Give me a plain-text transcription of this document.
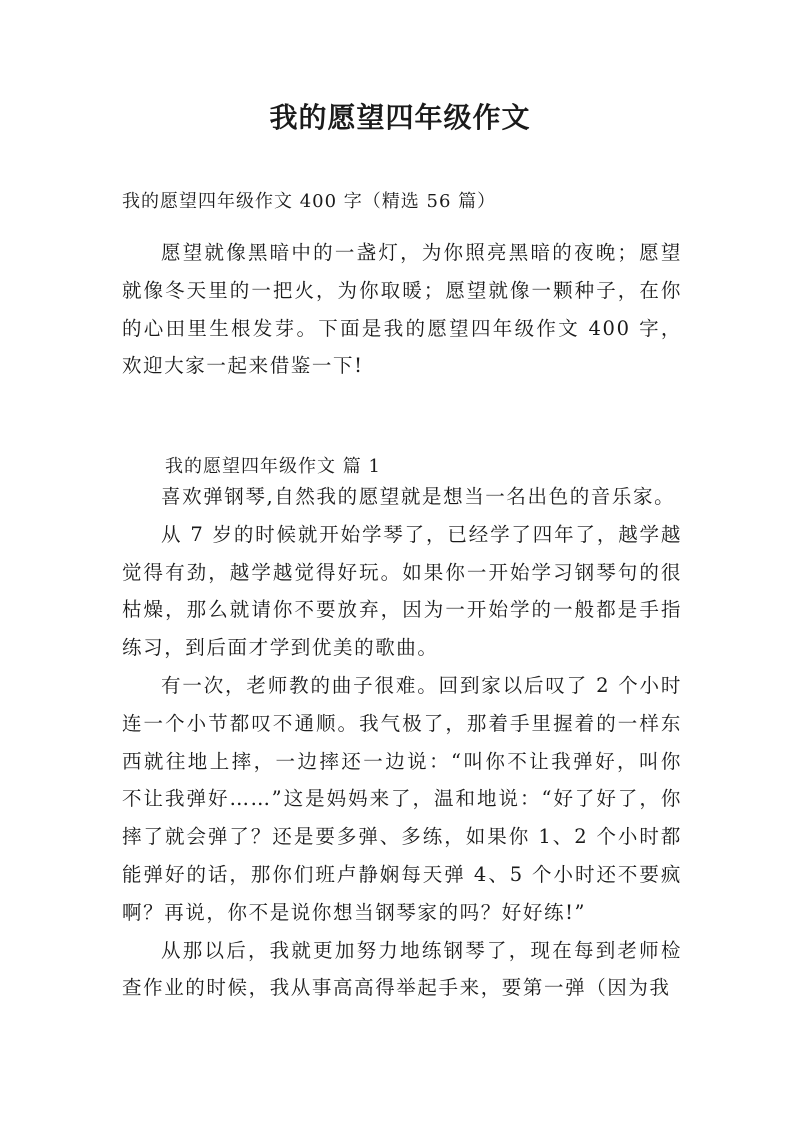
我的愿望四年级作文
我的愿望四年级作文 400 字（精选 56 篇）

愿望就像黑暗中的一盏灯，为你照亮黑暗的夜晚；愿望就像冬天里的一把火，为你取暖；愿望就像一颗种子，在你的心田里生根发芽。下面是我的愿望四年级作文 400 字，欢迎大家一起来借鉴一下!

我的愿望四年级作文 篇 1

喜欢弹钢琴,自然我的愿望就是想当一名出色的音乐家。

从 7 岁的时候就开始学琴了，已经学了四年了，越学越觉得有劲，越学越觉得好玩。如果你一开始学习钢琴句的很枯燥，那么就请你不要放弃，因为一开始学的一般都是手指练习，到后面才学到优美的歌曲。

有一次，老师教的曲子很难。回到家以后叹了 2 个小时连一个小节都叹不通顺。我气极了，那着手里握着的一样东西就往地上摔，一边摔还一边说：“叫你不让我弹好，叫你不让我弹好……”这是妈妈来了，温和地说：“好了好了，你摔了就会弹了？还是要多弹、多练，如果你 1、2 个小时都能弹好的话，那你们班卢静娴每天弹 4、5 个小时还不要疯啊？再说，你不是说你想当钢琴家的吗？好好练!”

从那以后，我就更加努力地练钢琴了，现在每到老师检查作业的时候，我从事高高得举起手来，要第一弹（因为我
